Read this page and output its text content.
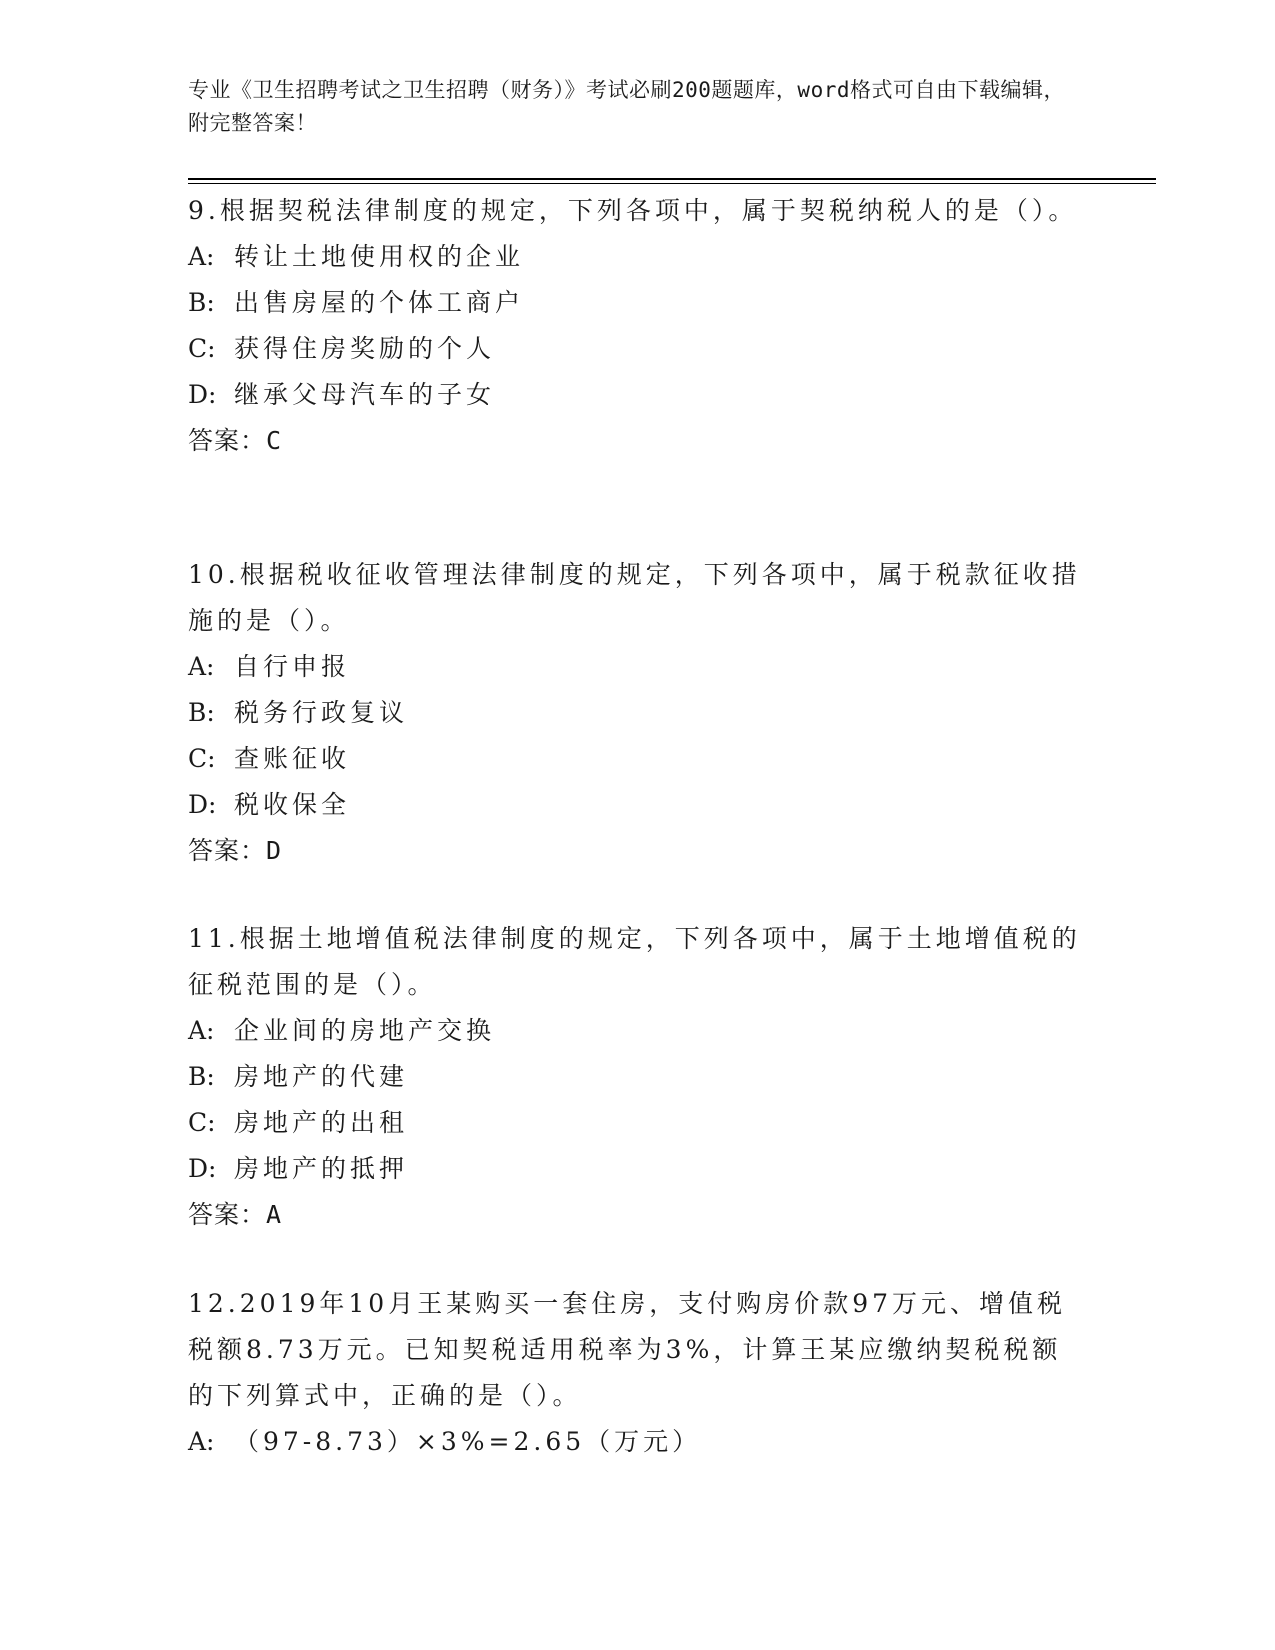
专业《卫生招聘考试之卫生招聘（财务）》考试必刷200题题库，word格式可自由下载编辑，附完整答案！

9.根据契税法律制度的规定，下列各项中，属于契税纳税人的是（）。

A: 转让土地使用权的企业

B: 出售房屋的个体工商户

C: 获得住房奖励的个人

D: 继承父母汽车的子女

答案：C

10.根据税收征收管理法律制度的规定，下列各项中，属于税款征收措施的是（）。

A: 自行申报

B: 税务行政复议

C: 查账征收

D: 税收保全

答案：D

11.根据土地增值税法律制度的规定，下列各项中，属于土地增值税的征税范围的是（）。

A: 企业间的房地产交换

B: 房地产的代建

C: 房地产的出租

D: 房地产的抵押

答案：A

12.2019年10月王某购买一套住房，支付购房价款97万元、增值税税额8.73万元。已知契税适用税率为3%，计算王某应缴纳契税税额的下列算式中，正确的是（）。

A: （97-8.73）×3%=2.65（万元）
